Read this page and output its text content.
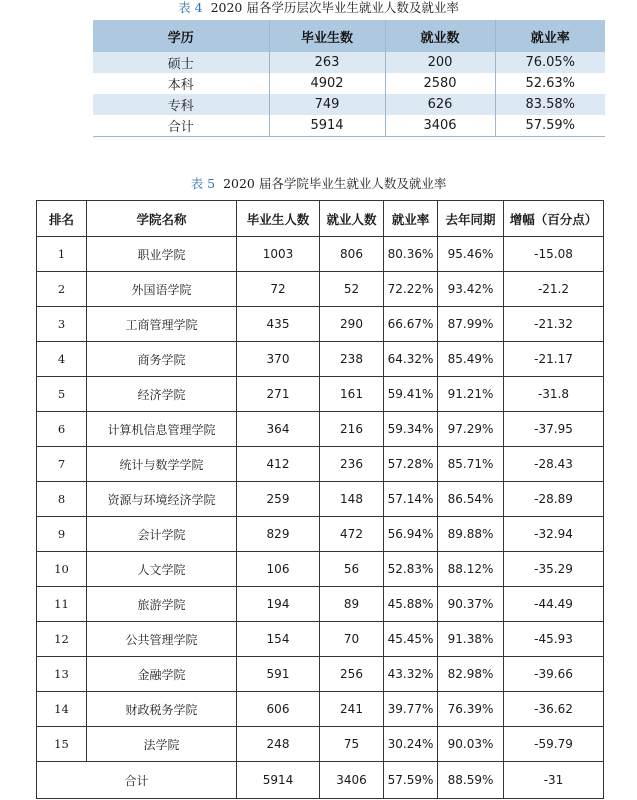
表 4 2020 届各学历层次毕业生就业人数及就业率
学历	毕业生数	就业数	就业率
硕士	263	200	76.05%
本科	4902	2580	52.63%
专科	749	626	83.58%
合计	5914	3406	57.59%
表 5 2020 届各学院毕业生就业人数及就业率
排名	学院名称	毕业生人数	就业人数	就业率	去年同期	增幅（百分点）
1	职业学院	1003	806	80.36%	95.46%	-15.08
2	外国语学院	72	52	72.22%	93.42%	-21.2
3	工商管理学院	435	290	66.67%	87.99%	-21.32
4	商务学院	370	238	64.32%	85.49%	-21.17
5	经济学院	271	161	59.41%	91.21%	-31.8
6	计算机信息管理学院	364	216	59.34%	97.29%	-37.95
7	统计与数学学院	412	236	57.28%	85.71%	-28.43
8	资源与环境经济学院	259	148	57.14%	86.54%	-28.89
9	会计学院	829	472	56.94%	89.88%	-32.94
10	人文学院	106	56	52.83%	88.12%	-35.29
11	旅游学院	194	89	45.88%	90.37%	-44.49
12	公共管理学院	154	70	45.45%	91.38%	-45.93
13	金融学院	591	256	43.32%	82.98%	-39.66
14	财政税务学院	606	241	39.77%	76.39%	-36.62
15	法学院	248	75	30.24%	90.03%	-59.79
合计		5914	3406	57.59%	88.59%	-31
